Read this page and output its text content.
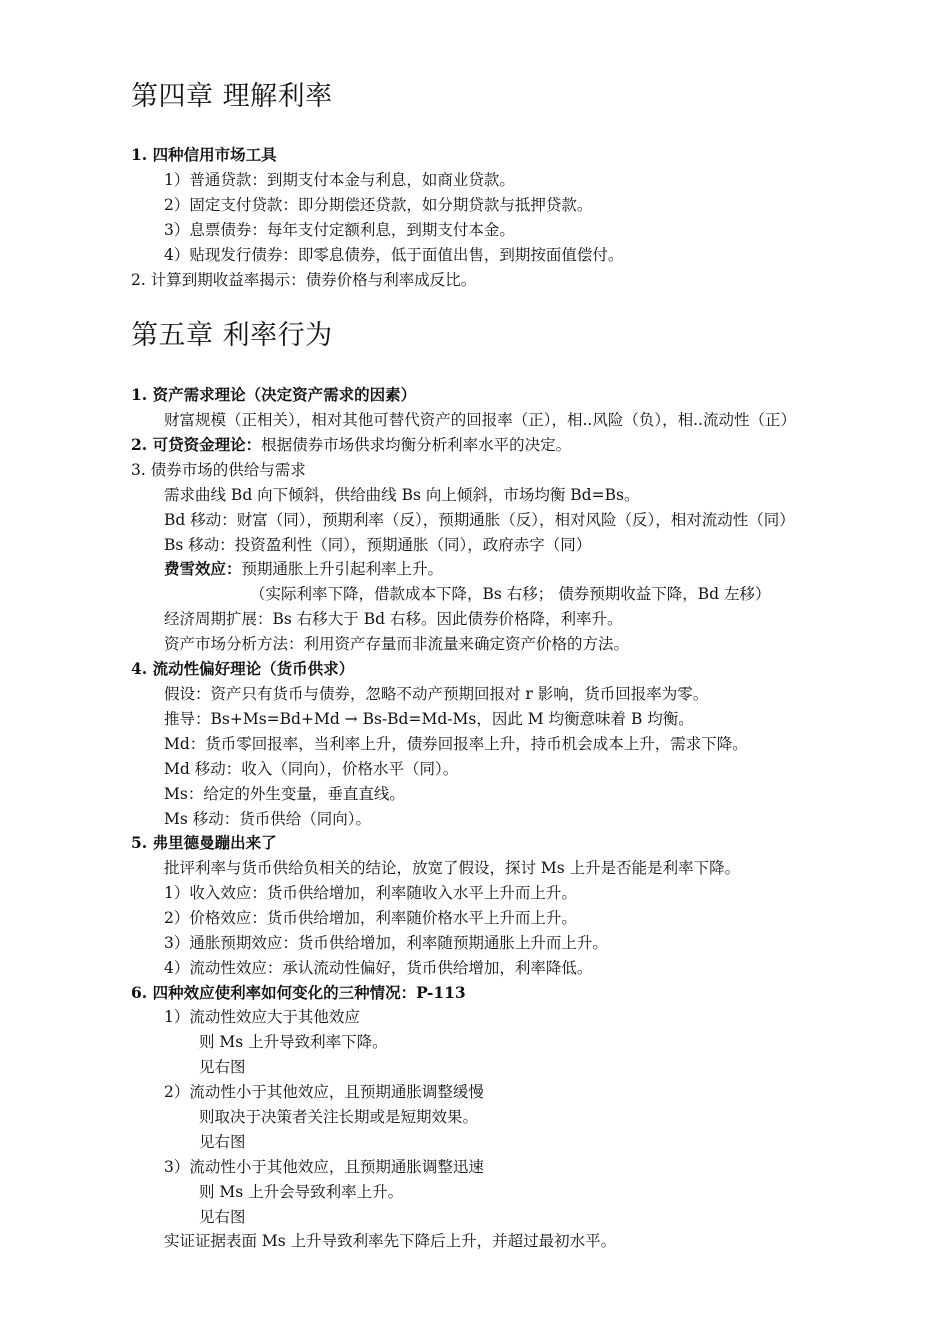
第四章 理解利率
1. 四种信用市场工具
1）普通贷款：到期支付本金与利息，如商业贷款。
2）固定支付贷款：即分期偿还贷款，如分期贷款与抵押贷款。
3）息票债券：每年支付定额利息，到期支付本金。
4）贴现发行债券：即零息债券，低于面值出售，到期按面值偿付。
2. 计算到期收益率揭示：债券价格与利率成反比。
第五章 利率行为
1. 资产需求理论（决定资产需求的因素）
财富规模（正相关），相对其他可替代资产的回报率（正），相..风险（负），相..流动性（正）
2. 可贷资金理论：根据债券市场供求均衡分析利率水平的决定。
3. 债券市场的供给与需求
需求曲线 Bd 向下倾斜，供给曲线 Bs 向上倾斜，市场均衡 Bd=Bs。
Bd 移动：财富（同），预期利率（反），预期通胀（反），相对风险（反），相对流动性（同）
Bs 移动：投资盈利性（同），预期通胀（同），政府赤字（同）
费雪效应：预期通胀上升引起利率上升。
（实际利率下降，借款成本下降，Bs 右移； 债券预期收益下降，Bd 左移）
经济周期扩展：Bs 右移大于 Bd 右移。因此债券价格降，利率升。
资产市场分析方法：利用资产存量而非流量来确定资产价格的方法。
4. 流动性偏好理论（货币供求）
假设：资产只有货币与债券，忽略不动产预期回报对 r 影响，货币回报率为零。
推导：Bs+Ms=Bd+Md → Bs-Bd=Md-Ms，因此 M 均衡意味着 B 均衡。
Md：货币零回报率，当利率上升，债券回报率上升，持币机会成本上升，需求下降。
Md 移动：收入（同向），价格水平（同）。
Ms：给定的外生变量，垂直直线。
Ms 移动：货币供给（同向）。
5. 弗里德曼蹦出来了
批评利率与货币供给负相关的结论，放宽了假设，探讨 Ms 上升是否能是利率下降。
1）收入效应：货币供给增加，利率随收入水平上升而上升。
2）价格效应：货币供给增加，利率随价格水平上升而上升。
3）通胀预期效应：货币供给增加，利率随预期通胀上升而上升。
4）流动性效应：承认流动性偏好，货币供给增加，利率降低。
6. 四种效应使利率如何变化的三种情况：P-113
1）流动性效应大于其他效应
则 Ms 上升导致利率下降。
见右图
2）流动性小于其他效应，且预期通胀调整缓慢
则取决于决策者关注长期或是短期效果。
见右图
3）流动性小于其他效应，且预期通胀调整迅速
则 Ms 上升会导致利率上升。
见右图
实证证据表面 Ms 上升导致利率先下降后上升，并超过最初水平。
